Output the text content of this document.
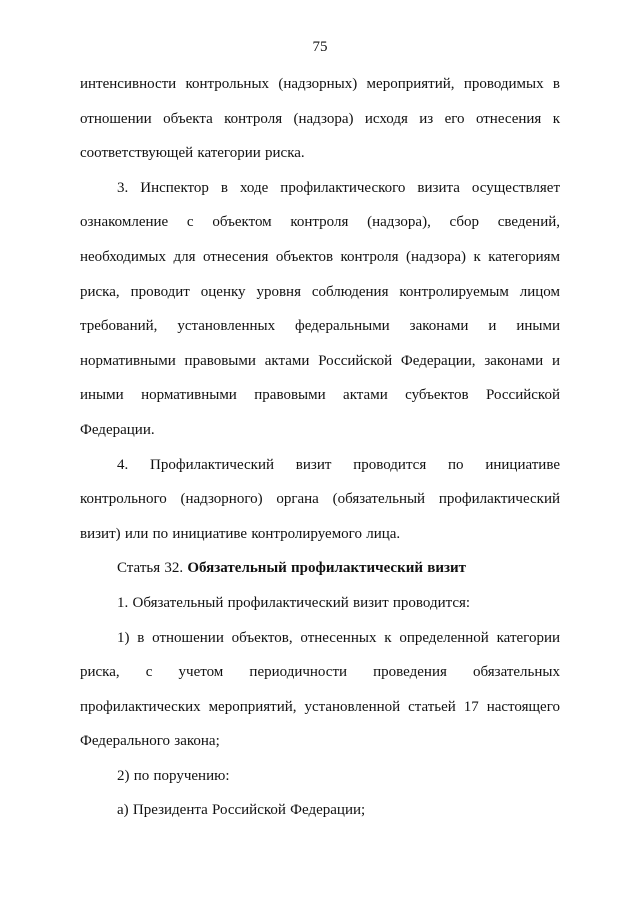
75

интенсивности контрольных (надзорных) мероприятий, проводимых в отношении объекта контроля (надзора) исходя из его отнесения к соответствующей категории риска.

3. Инспектор в ходе профилактического визита осуществляет ознакомление с объектом контроля (надзора), сбор сведений, необходимых для отнесения объектов контроля (надзора) к категориям риска, проводит оценку уровня соблюдения контролируемым лицом требований, установленных федеральными законами и иными нормативными правовыми актами Российской Федерации, законами и иными нормативными правовыми актами субъектов Российской Федерации.

4. Профилактический визит проводится по инициативе контрольного (надзорного) органа (обязательный профилактический визит) или по инициативе контролируемого лица.

Статья 32. Обязательный профилактический визит

1. Обязательный профилактический визит проводится:

1) в отношении объектов, отнесенных к определенной категории риска, с учетом периодичности проведения обязательных профилактических мероприятий, установленной статьей 17 настоящего Федерального закона;

2) по поручению:

а) Президента Российской Федерации;
